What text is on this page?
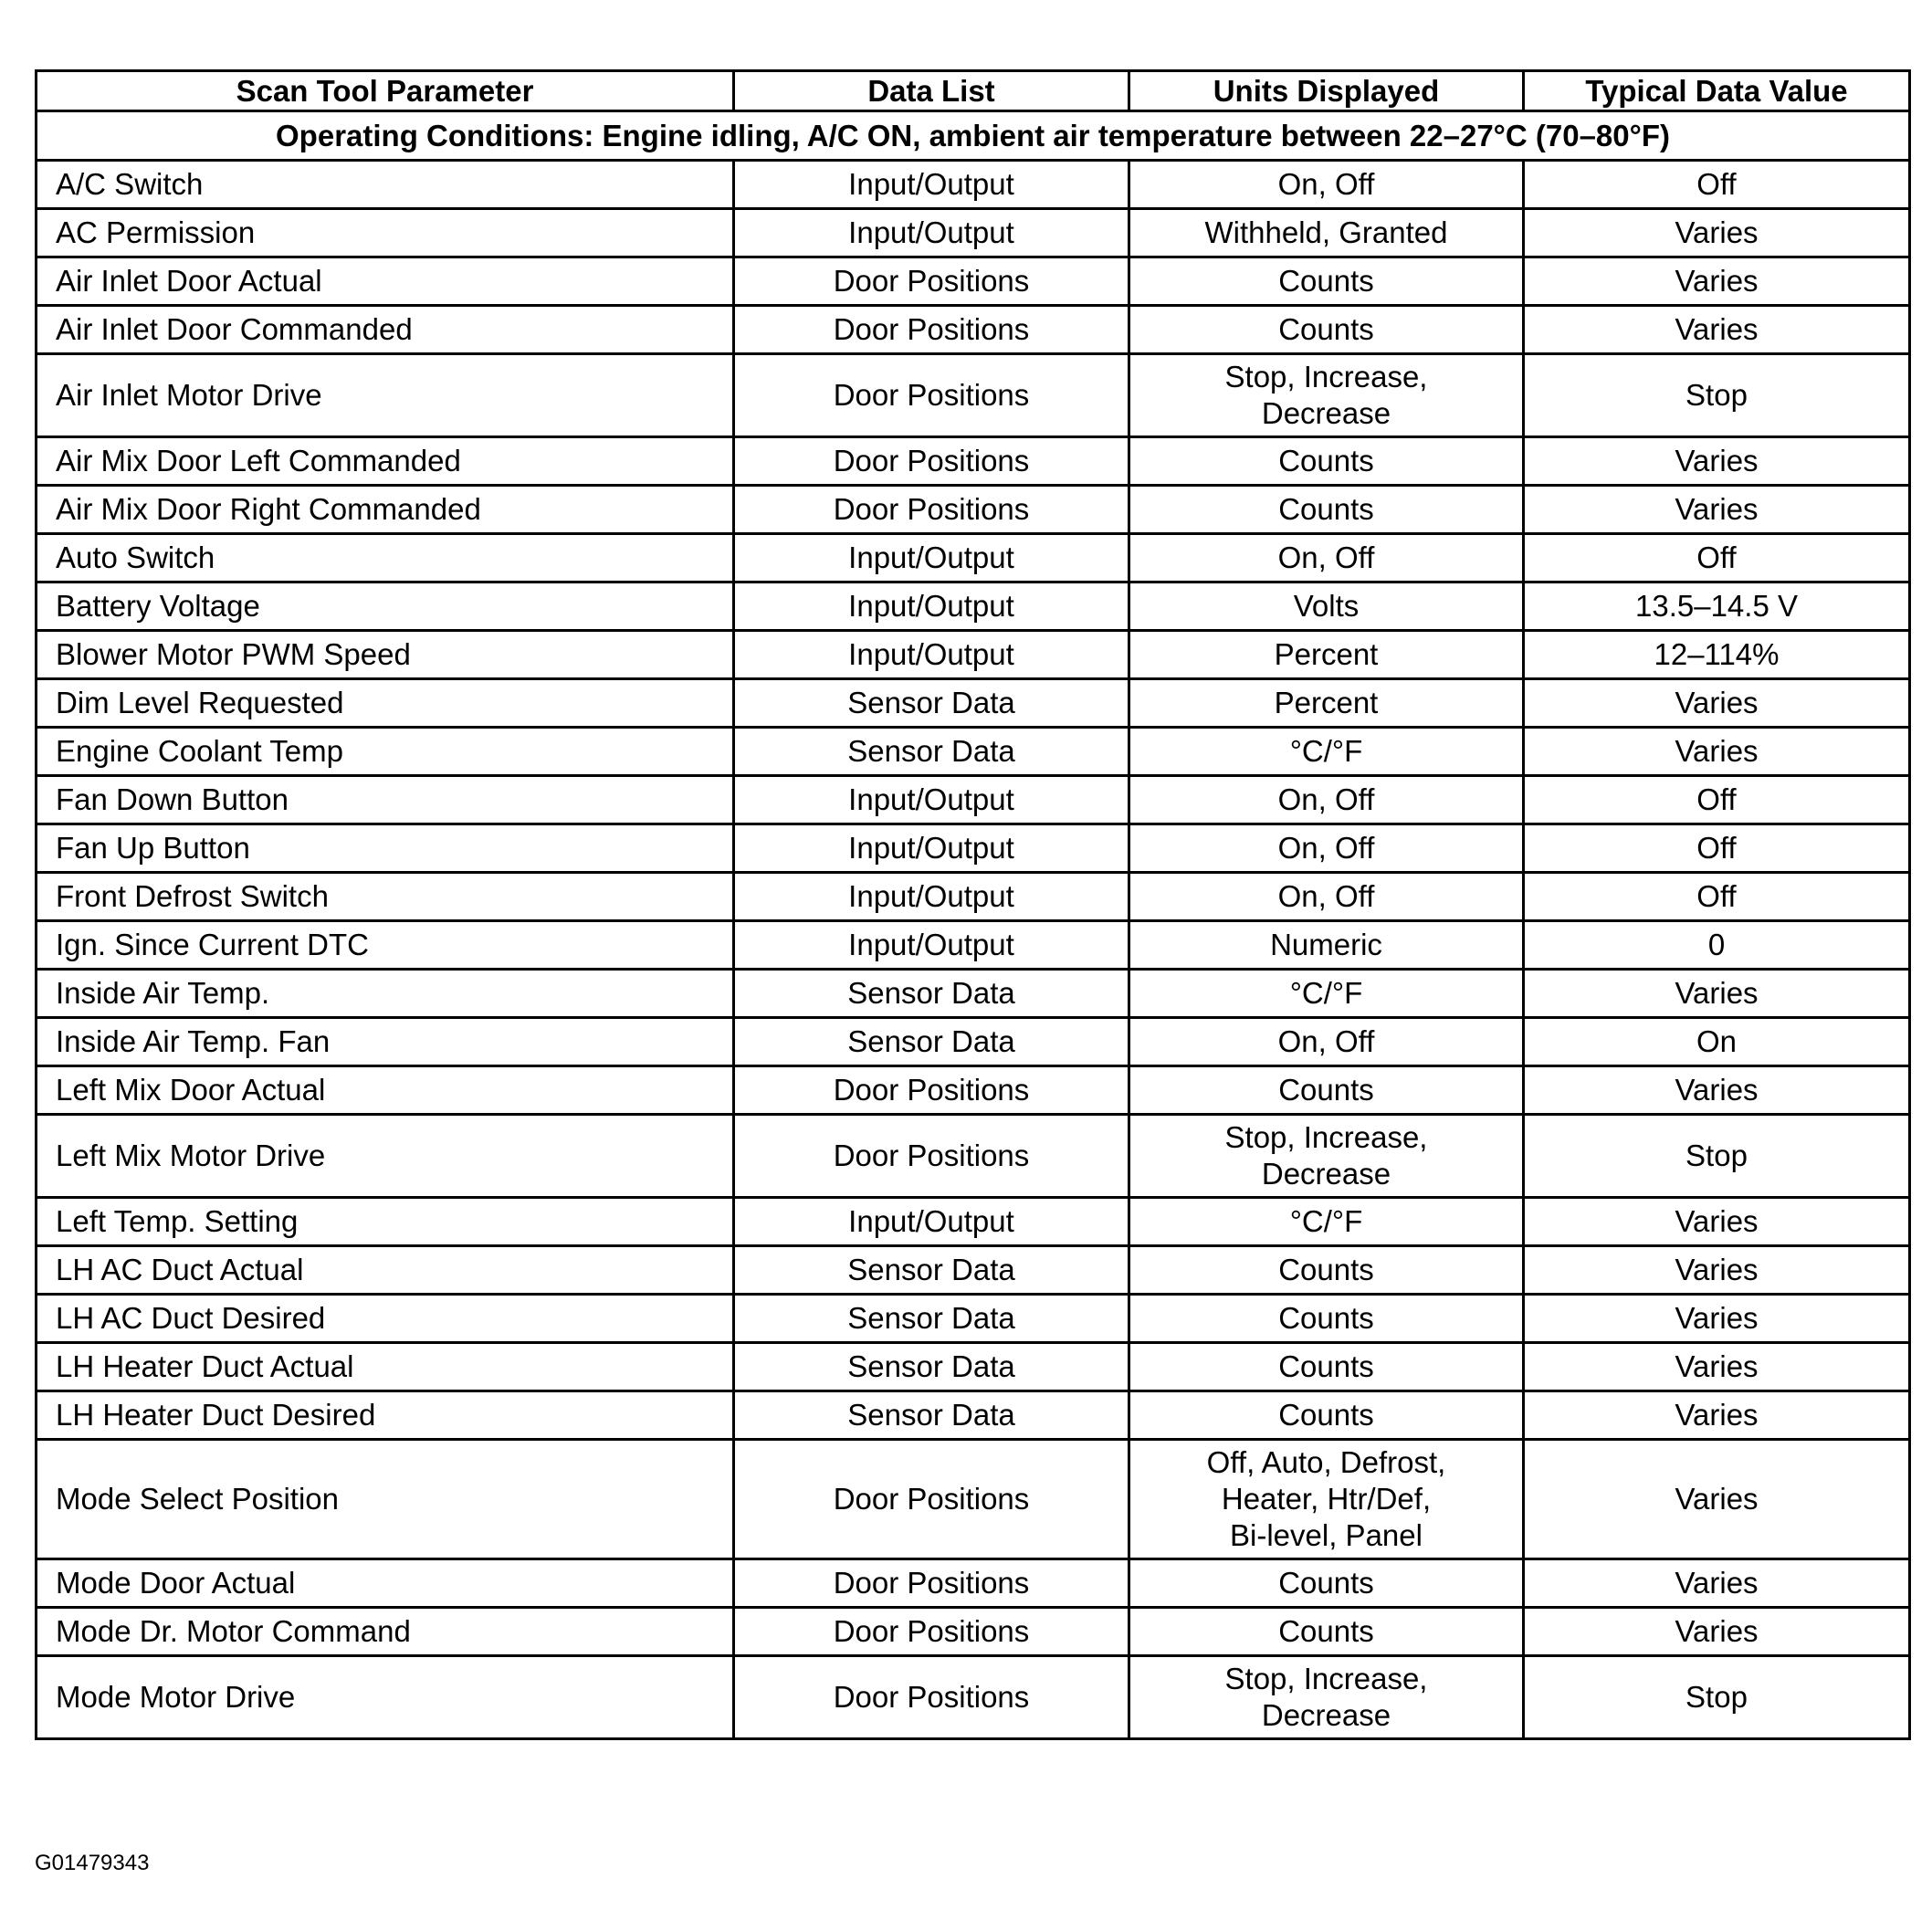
Scan Tool Parameter	Data List	Units Displayed	Typical Data Value
Operating Conditions: Engine idling, A/C ON, ambient air temperature between 22–27°C (70–80°F)			

A/C Switch	Input/Output	On, Off	Off

AC Permission	Input/Output	Withheld, Granted	Varies

Air Inlet Door Actual	Door Positions	Counts	Varies

Air Inlet Door Commanded	Door Positions	Counts	Varies

Air Inlet Motor Drive	Door Positions	Stop, Increase,
Decrease	Stop

Air Mix Door Left Commanded	Door Positions	Counts	Varies

Air Mix Door Right Commanded	Door Positions	Counts	Varies

Auto Switch	Input/Output	On, Off	Off

Battery Voltage	Input/Output	Volts	13.5–14.5 V

Blower Motor PWM Speed	Input/Output	Percent	12–114%

Dim Level Requested	Sensor Data	Percent	Varies

Engine Coolant Temp	Sensor Data	°C/°F	Varies

Fan Down Button	Input/Output	On, Off	Off

Fan Up Button	Input/Output	On, Off	Off

Front Defrost Switch	Input/Output	On, Off	Off

Ign. Since Current DTC	Input/Output	Numeric	0

Inside Air Temp.	Sensor Data	°C/°F	Varies

Inside Air Temp. Fan	Sensor Data	On, Off	On

Left Mix Door Actual	Door Positions	Counts	Varies

Left Mix Motor Drive	Door Positions	Stop, Increase,
Decrease	Stop

Left Temp. Setting	Input/Output	°C/°F	Varies

LH AC Duct Actual	Sensor Data	Counts	Varies

LH AC Duct Desired	Sensor Data	Counts	Varies

LH Heater Duct Actual	Sensor Data	Counts	Varies

LH Heater Duct Desired	Sensor Data	Counts	Varies

Mode Select Position	Door Positions	Off, Auto, Defrost,
Heater, Htr/Def,
Bi-level, Panel	Varies

Mode Door Actual	Door Positions	Counts	Varies

Mode Dr. Motor Command	Door Positions	Counts	Varies

Mode Motor Drive	Door Positions	Stop, Increase,
Decrease	Stop
G01479343
